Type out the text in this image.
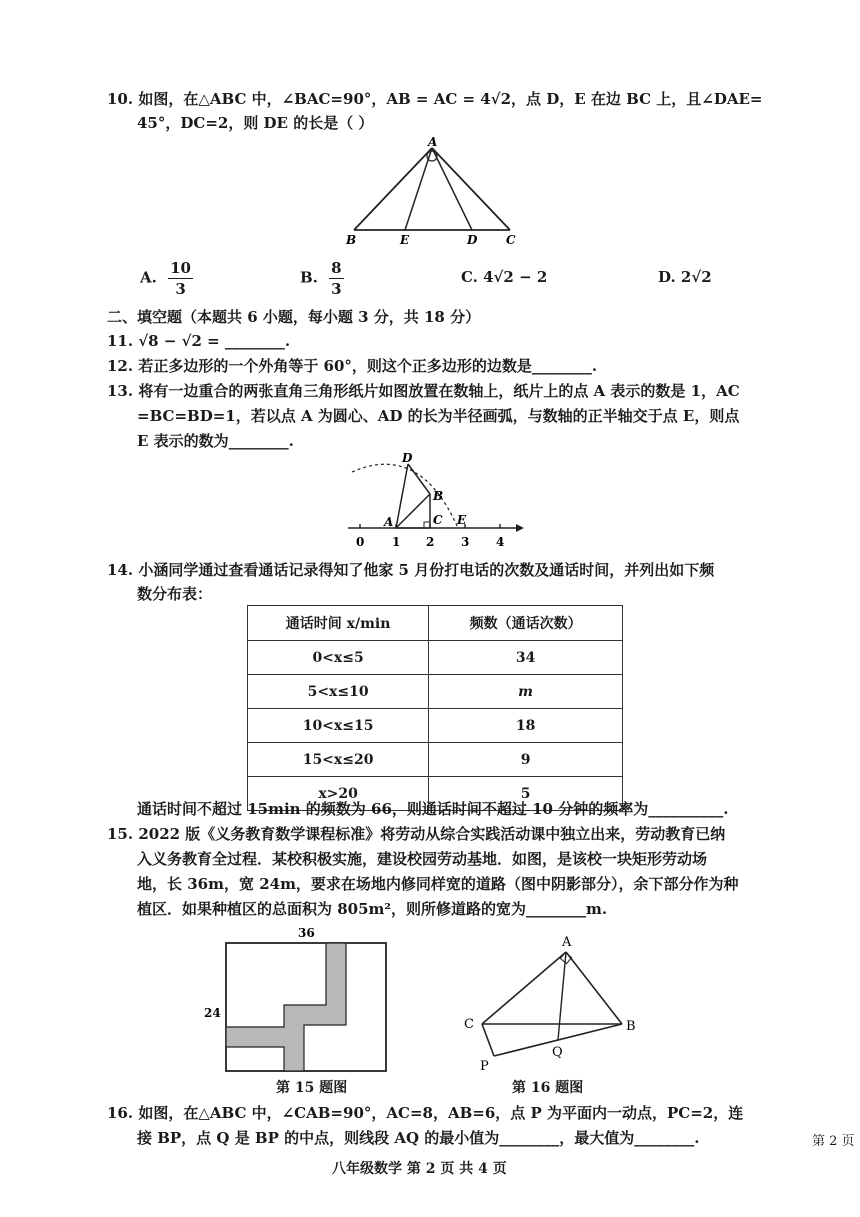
10. 如图，在△ABC 中，∠BAC=90°，AB = AC = 4√2，点 D，E 在边 BC 上，且∠DAE=
45°，DC=2，则 DE 的长是（ ）
A
B	E	D C
A. $\frac{10}{3}$	B. $\frac{8}{3}$	C. 4√2 − 2	D. 2√2
二、填空题（本题共 6 小题，每小题 3 分，共 18 分）
11. √8 − √2 = ________.
12. 若正多边形的一个外角等于 60°，则这个正多边形的边数是________.
13. 将有一边重合的两张直角三角形纸片如图放置在数轴上，纸片上的点 A 表示的数是 1，AC
=BC=BD=1，若以点 A 为圆心、AD 的长为半径画弧，与数轴的正半轴交于点 E，则点
E 表示的数为________.
D
B
A	C E
0 1 2 3 4
14. 小涵同学通过查看通话记录得知了他家 5 月份打电话的次数及通话时间，并列出如下频
数分布表：
通话时间 x/min	频数（通话次数）
0<x≤5	34
5<x≤10	m
10<x≤15	18
15<x≤20	9
x>20	5
通话时间不超过 15min 的频数为 66，则通话时间不超过 10 分钟的频率为__________.
15. 2022 版《义务教育数学课程标准》将劳动从综合实践活动课中独立出来，劳动教育已纳
入义务教育全过程．某校积极实施，建设校园劳动基地．如图，是该校一块矩形劳动场
地，长 36m，宽 24m，要求在场地内修同样宽的道路（图中阴影部分），余下部分作为种
植区．如果种植区的总面积为 805m²，则所修道路的宽为________m.
36
24
第 15 题图
A
C	B
Q
P
第 16 题图
16. 如图，在△ABC 中，∠CAB=90°，AC=8，AB=6，点 P 为平面内一动点，PC=2，连
接 BP，点 Q 是 BP 的中点，则线段 AQ 的最小值为________，最大值为________.	第 2 页
八年级数学 第 2 页 共 4 页
